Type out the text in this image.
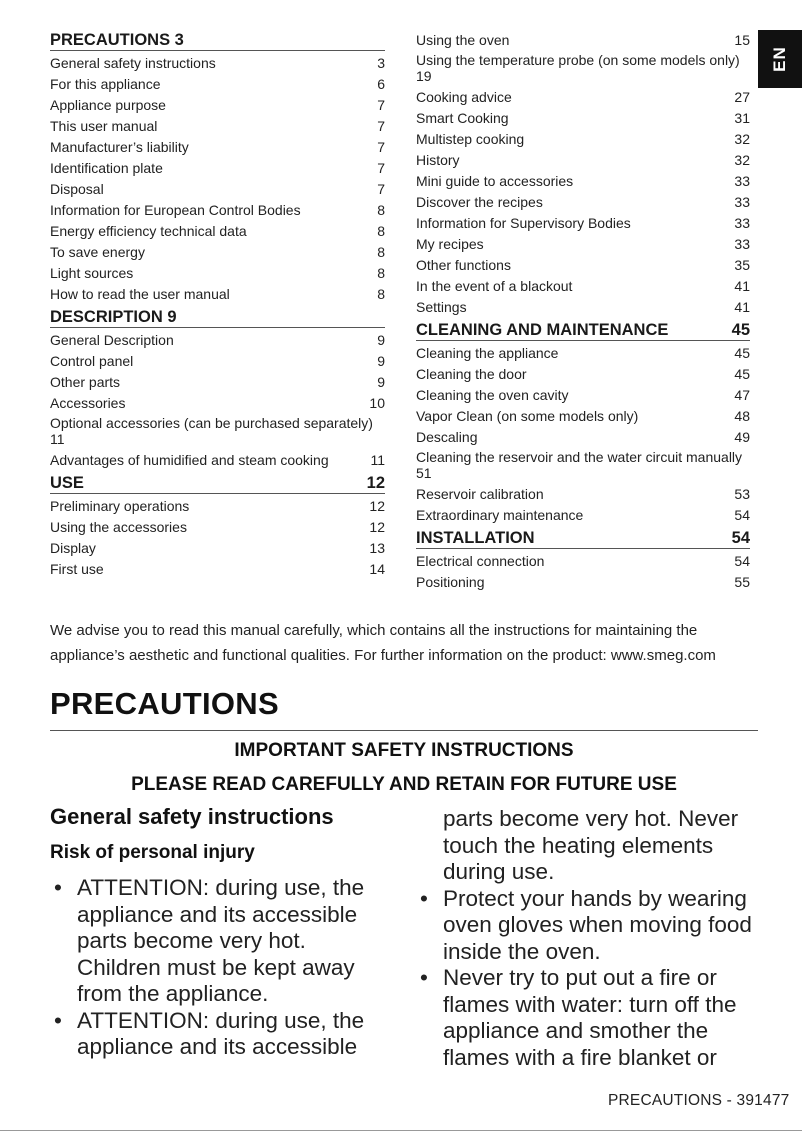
PRECAUTIONS 3
General safety instructions	3
For this appliance	6
Appliance purpose	7
This user manual	7
Manufacturer’s liability	7
Identification plate	7
Disposal	7
Information for European Control Bodies	8
Energy efficiency technical data	8
To save energy	8
Light sources	8
How to read the user manual	8
DESCRIPTION 9
General Description	9
Control panel	9
Other parts	9
Accessories	10
Optional accessories (can be purchased separately)
11
Advantages of humidified and steam cooking	11
USE	12
Preliminary operations	12
Using the accessories	12
Display	13
First use	14
Using the oven	15
Using the temperature probe (on some models only)
19
Cooking advice	27
Smart Cooking	31
Multistep cooking	32
History	32
Mini guide to accessories	33
Discover the recipes	33
Information for Supervisory Bodies	33
My recipes	33
Other functions	35
In the event of a blackout	41
Settings	41
CLEANING AND MAINTENANCE	45
Cleaning the appliance	45
Cleaning the door	45
Cleaning the oven cavity	47
Vapor Clean (on some models only)	48
Descaling	49
Cleaning the reservoir and the water circuit manually
51
Reservoir calibration	53
Extraordinary maintenance	54
INSTALLATION	54
Electrical connection	54
Positioning	55
EN
We advise you to read this manual carefully, which contains all the instructions for maintaining the appliance’s aesthetic and functional qualities. For further information on the product: www.smeg.com
PRECAUTIONS
IMPORTANT SAFETY INSTRUCTIONS
PLEASE READ CAREFULLY AND RETAIN FOR FUTURE USE
General safety instructions
Risk of personal injury
• ATTENTION: during use, the
appliance and its accessible
parts become very hot.
Children must be kept away
from the appliance.
• ATTENTION: during use, the
appliance and its accessible
parts become very hot. Never
touch the heating elements
during use.
• Protect your hands by wearing
oven gloves when moving food
inside the oven.
• Never try to put out a fire or
flames with water: turn off the
appliance and smother the
flames with a fire blanket or
PRECAUTIONS - 391477
